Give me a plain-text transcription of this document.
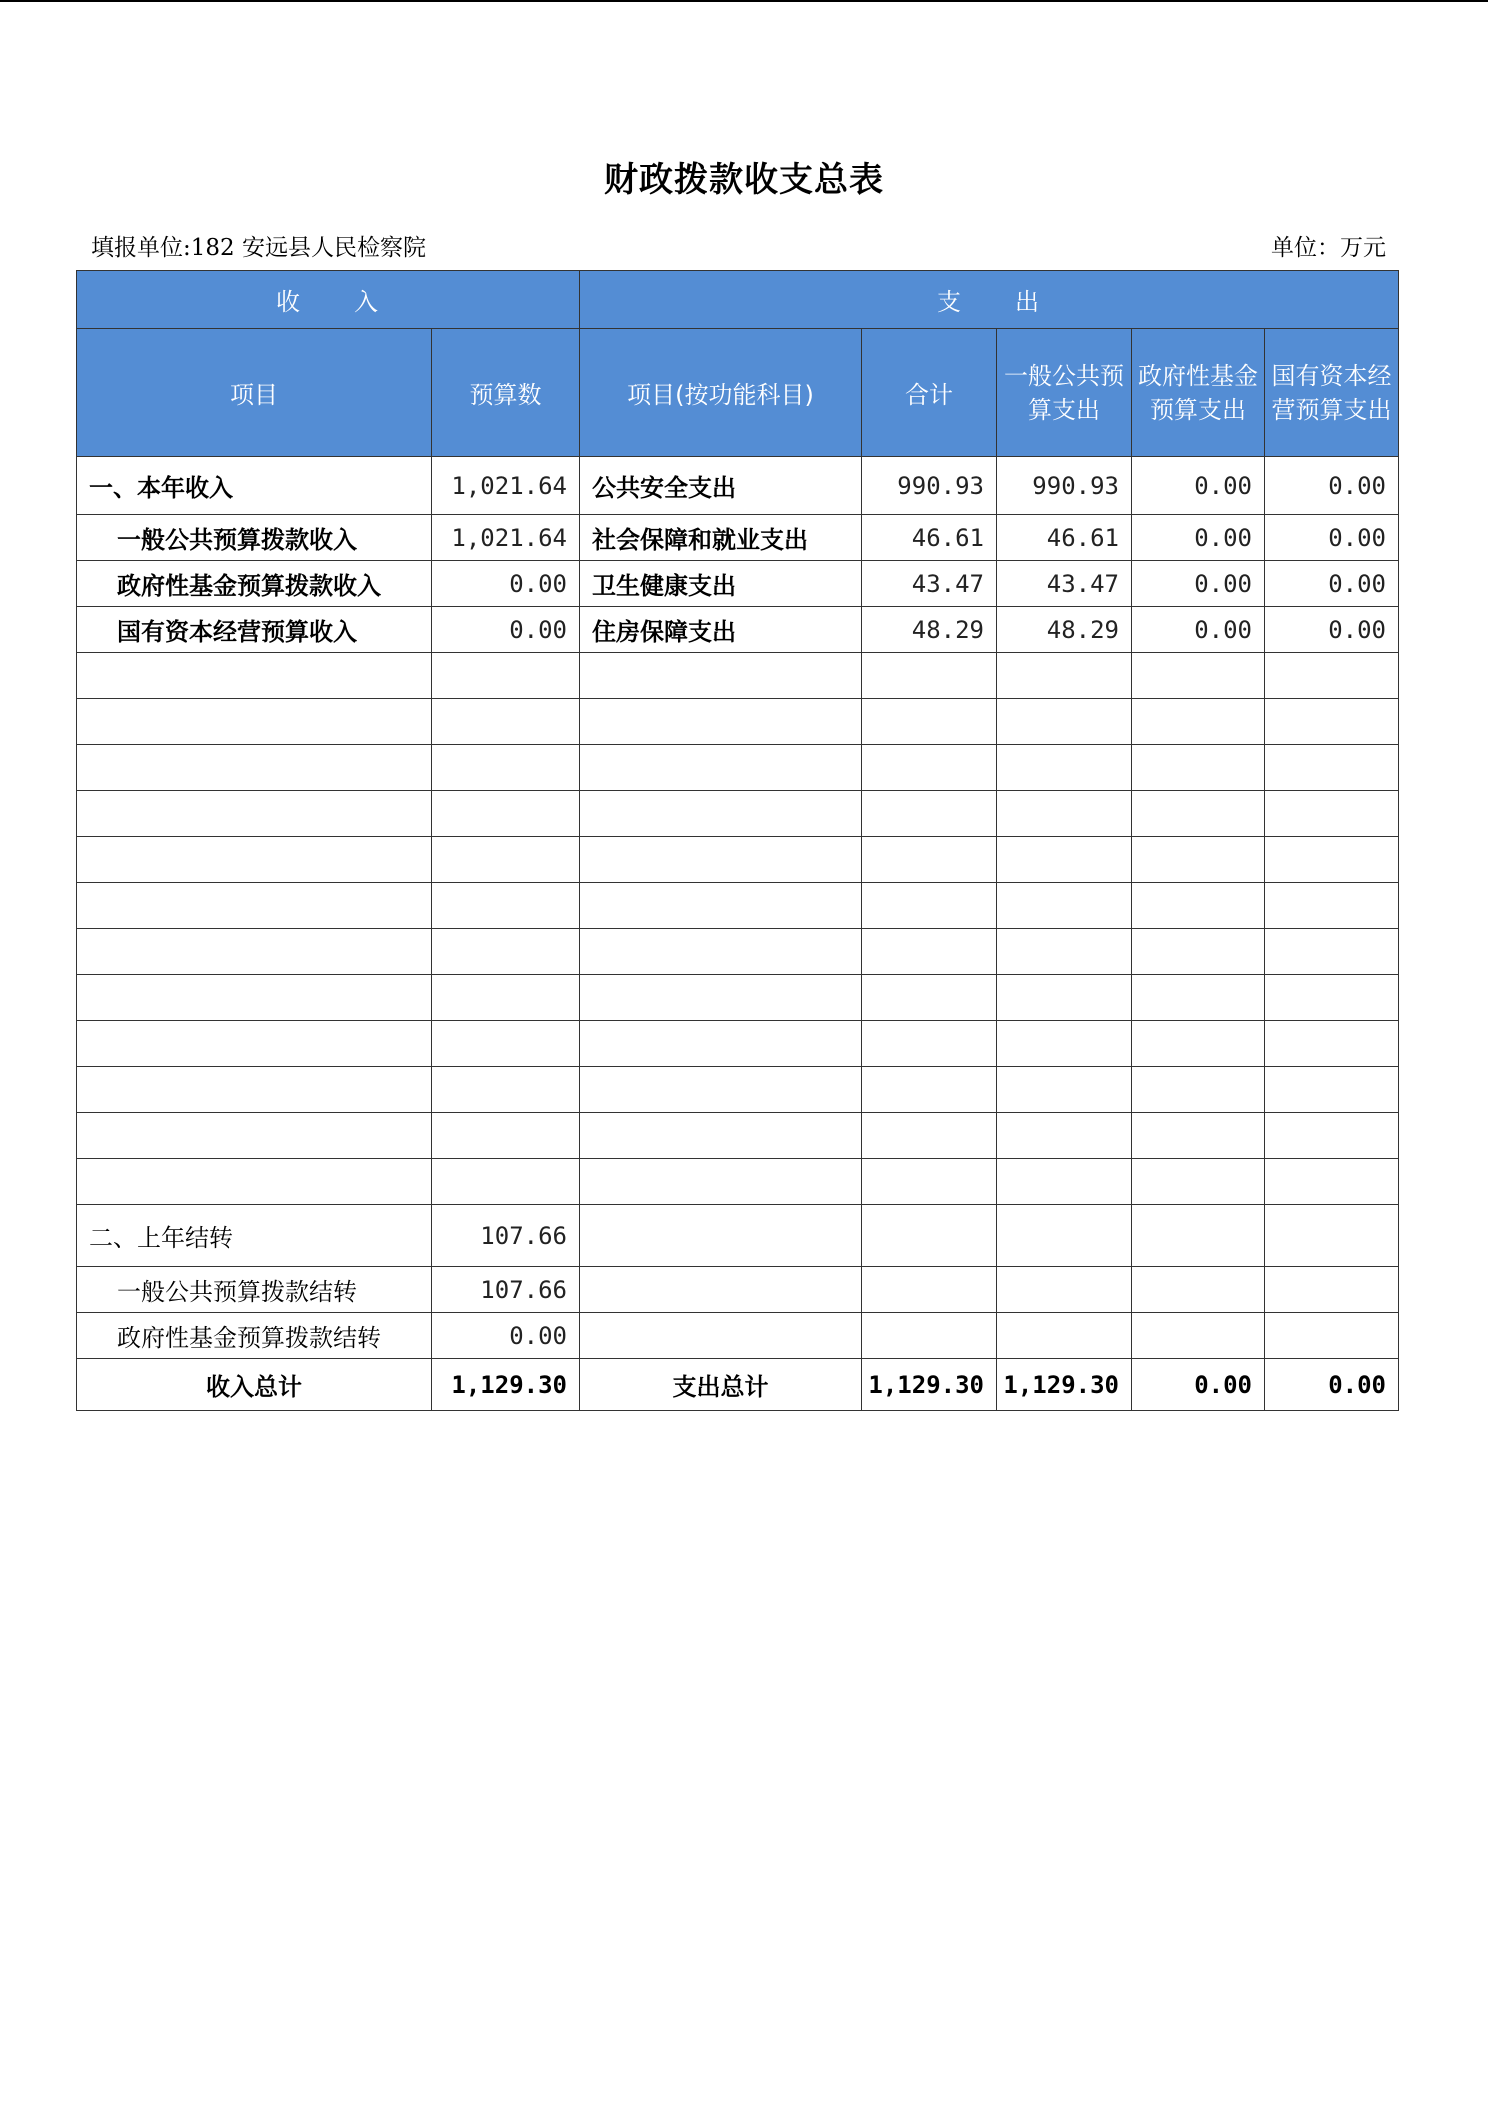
财政拨款收支总表
填报单位:182 安远县人民检察院	单位：万元
收　　入		支　　出				
项目	预算数	项目(按功能科目)	合计	一般公共预算支出	政府性基金预算支出	国有资本经营预算支出
一、本年收入	1,021.64	公共安全支出	990.93	990.93	0.00	0.00
一般公共预算拨款收入	1,021.64	社会保障和就业支出	46.61	46.61	0.00	0.00
政府性基金预算拨款收入	0.00	卫生健康支出	43.47	43.47	0.00	0.00
国有资本经营预算收入	0.00	住房保障支出	48.29	48.29	0.00	0.00

二、上年结转	107.66					
一般公共预算拨款结转	107.66					
政府性基金预算拨款结转	0.00					
收入总计	1,129.30	支出总计	1,129.30	1,129.30	0.00	0.00
